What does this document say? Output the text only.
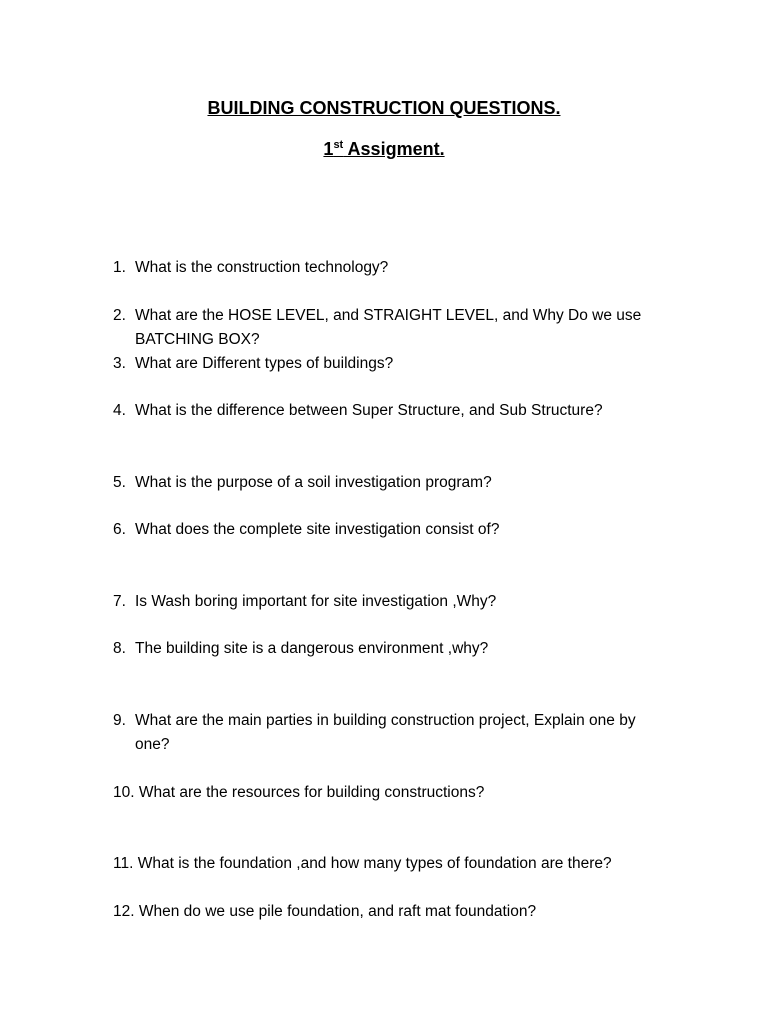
BUILDING CONSTRUCTION QUESTIONS.
1st Assigment.
1. What is the construction technology?
2. What are the HOSE LEVEL, and STRAIGHT LEVEL, and Why Do we use BATCHING BOX?
3. What are Different types of buildings?
4. What is the difference between Super Structure, and Sub Structure?
5. What is the purpose of a soil investigation program?
6. What does the complete site investigation consist of?
7. Is Wash boring important for site investigation ,Why?
8. The building site is a dangerous environment ,why?
9. What are the main parties in building construction project, Explain one by one?
10. What are the resources for building constructions?
11. What is the foundation ,and how many types of foundation are there?
12. When do we use pile foundation, and raft mat foundation?
